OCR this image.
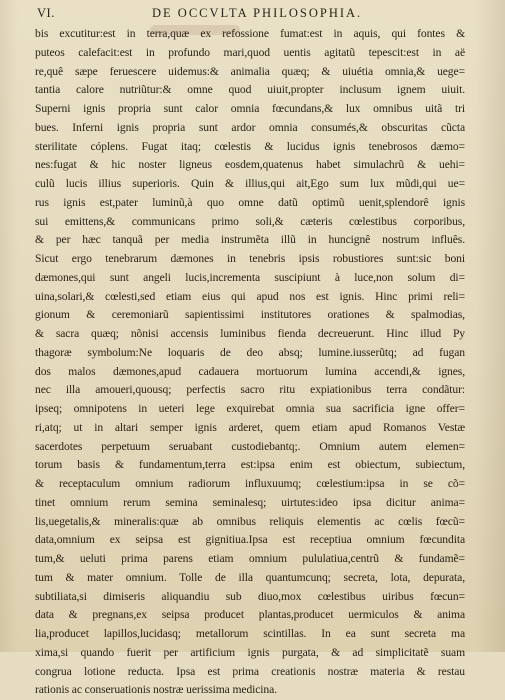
VI.	DE OCCVLTA PHILOSOPHIA.
bis excutitur:est in terra,quæ ex refossione fumat:est in aquis, qui fontes &
puteos calefacit:est in profundo mari,quod uentis agitatũ tepescit:est in aë
re,quê sæpe feruescere uidemus:& animalia quæq; & uiuétia omnia,& uege=
tantia calore nutriũtur:& omne quod uiuit,propter inclusum ignem uiuit.
Superni ignis propria sunt calor omnia fœcundans,& lux omnibus uitã tri
bues. Inferni ignis propria sunt ardor omnia consumés,& obscuritas cũcta
sterilitate cóplens. Fugat itaq; cœlestis & lucidus ignis tenebrosos dæmo=
nes:fugat & hic noster ligneus eosdem,quatenus habet simulachrũ & uehi=
culũ lucis illius superioris. Quin & illius,qui ait,Ego sum lux mũdi,qui ue=
rus ignis est,pater luminũ,à quo omne datũ optimũ uenit,splendorê ignis
sui emittens,& communicans primo soli,& cæteris cœlestibus corporibus,
& per hæc tanquã per media instrumẽta illũ in huncignê nostrum influês.
Sicut ergo tenebrarum dæmones in tenebris ipsis robustiores sunt:sic boni
dæmones,qui sunt angeli lucis,incrementa suscipiunt à luce,non solum di=
uina,solari,& cœlesti,sed etiam eius qui apud nos est ignis. Hinc primi reli=
gionum & ceremoniarũ sapientissimi institutores orationes & spalmodias,
& sacra quæq; nõnisi accensis luminibus fienda decreuerunt. Hinc illud Py
thagoræ symbolum:Ne loquaris de deo absq; lumine.iusserũtq; ad fugan
dos malos dæmones,apud cadauera mortuorum lumina accendi,& ignes,
nec illa amoueri,quousq; perfectis sacro ritu expiationibus terra condãtur:
ipseq; omnipotens in ueteri lege exquirebat omnia sua sacrificia igne offer=
ri,atq; ut in altari semper ignis arderet, quem etiam apud Romanos Vestæ
sacerdotes perpetuum seruabant custodiebantq;. Omnium autem elemen=
torum basis & fundamentum,terra est:ipsa enim est obiectum, subiectum,
& receptaculum omnium radiorum influxuumq; cœlestium:ipsa in se cõ=
tinet omnium rerum semina seminalesq; uirtutes:ideo ipsa dicitur anima=
lis,uegetalis,& mineralis:quæ ab omnibus reliquis elementis ac cœlis fœcũ=
data,omnium ex seipsa est gignitiua.Ipsa est receptiua omnium fœcundita
tum,& ueluti prima parens etiam omnium pululatiua,centrũ & fundamẽ=
tum & mater omnium. Tolle de illa quantumcunq; secreta, lota, depurata,
subtiliata,si dimiseris aliquandiu sub diuo,mox cœlestibus uiribus fœcun=
data & pregnans,ex seipsa producet plantas,producet uermiculos & anima
lia,producet lapillos,lucidasq; metallorum scintillas. In ea sunt secreta ma
xima,si quando fuerit per artificium ignis purgata, & ad simplicitatẽ suam
congrua lotione reducta. Ipsa est prima creationis nostræ materia & restau
rationis ac conseruationis nostræ uerissima medicina.
